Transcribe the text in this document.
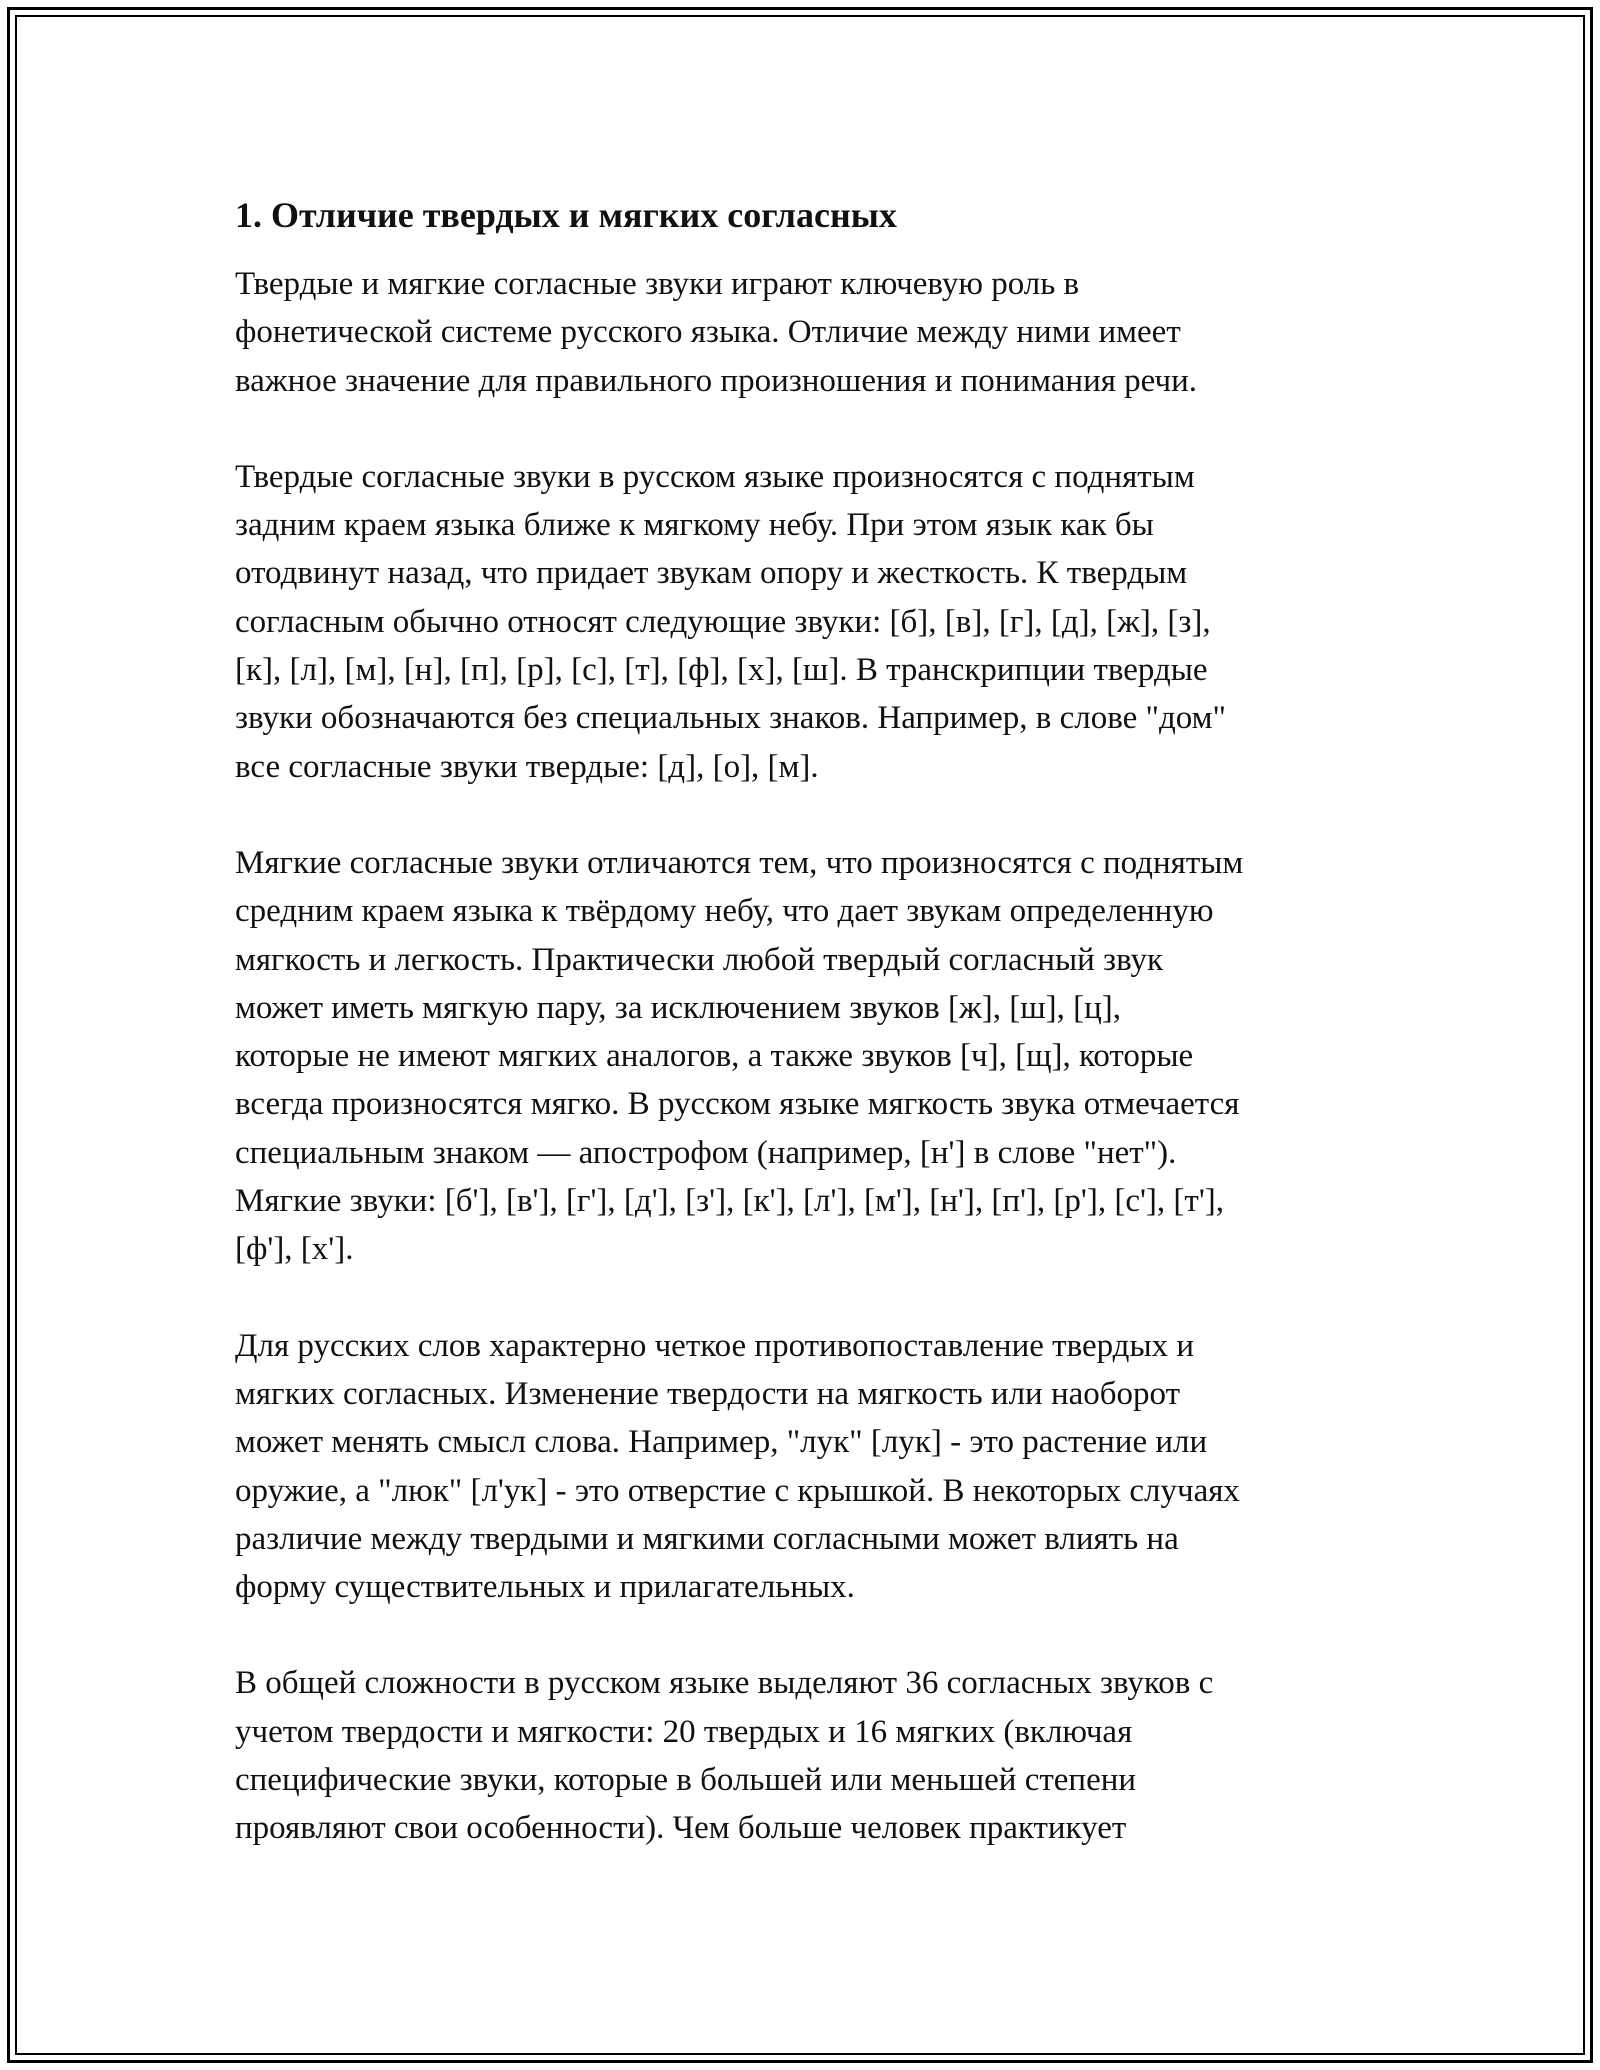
1. Отличие твердых и мягких согласных

Твердые и мягкие согласные звуки играют ключевую роль в
фонетической системе русского языка. Отличие между ними имеет
важное значение для правильного произношения и понимания речи.

Твердые согласные звуки в русском языке произносятся с поднятым
задним краем языка ближе к мягкому небу. При этом язык как бы
отодвинут назад, что придает звукам опору и жесткость. К твердым
согласным обычно относят следующие звуки: [б], [в], [г], [д], [ж], [з],
[к], [л], [м], [н], [п], [р], [с], [т], [ф], [х], [ш]. В транскрипции твердые
звуки обозначаются без специальных знаков. Например, в слове "дом"
все согласные звуки твердые: [д], [о], [м].

Мягкие согласные звуки отличаются тем, что произносятся с поднятым
средним краем языка к твёрдому небу, что дает звукам определенную
мягкость и легкость. Практически любой твердый согласный звук
может иметь мягкую пару, за исключением звуков [ж], [ш], [ц],
которые не имеют мягких аналогов, а также звуков [ч], [щ], которые
всегда произносятся мягко. В русском языке мягкость звука отмечается
специальным знаком — апострофом (например, [н'] в слове "нет").
Мягкие звуки: [б'], [в'], [г'], [д'], [з'], [к'], [л'], [м'], [н'], [п'], [р'], [с'], [т'],
[ф'], [х'].

Для русских слов характерно четкое противопоставление твердых и
мягких согласных. Изменение твердости на мягкость или наоборот
может менять смысл слова. Например, "лук" [лук] - это растение или
оружие, а "люк" [л'ук] - это отверстие с крышкой. В некоторых случаях
различие между твердыми и мягкими согласными может влиять на
форму существительных и прилагательных.

В общей сложности в русском языке выделяют 36 согласных звуков с
учетом твердости и мягкости: 20 твердых и 16 мягких (включая
специфические звуки, которые в большей или меньшей степени
проявляют свои особенности). Чем больше человек практикует
